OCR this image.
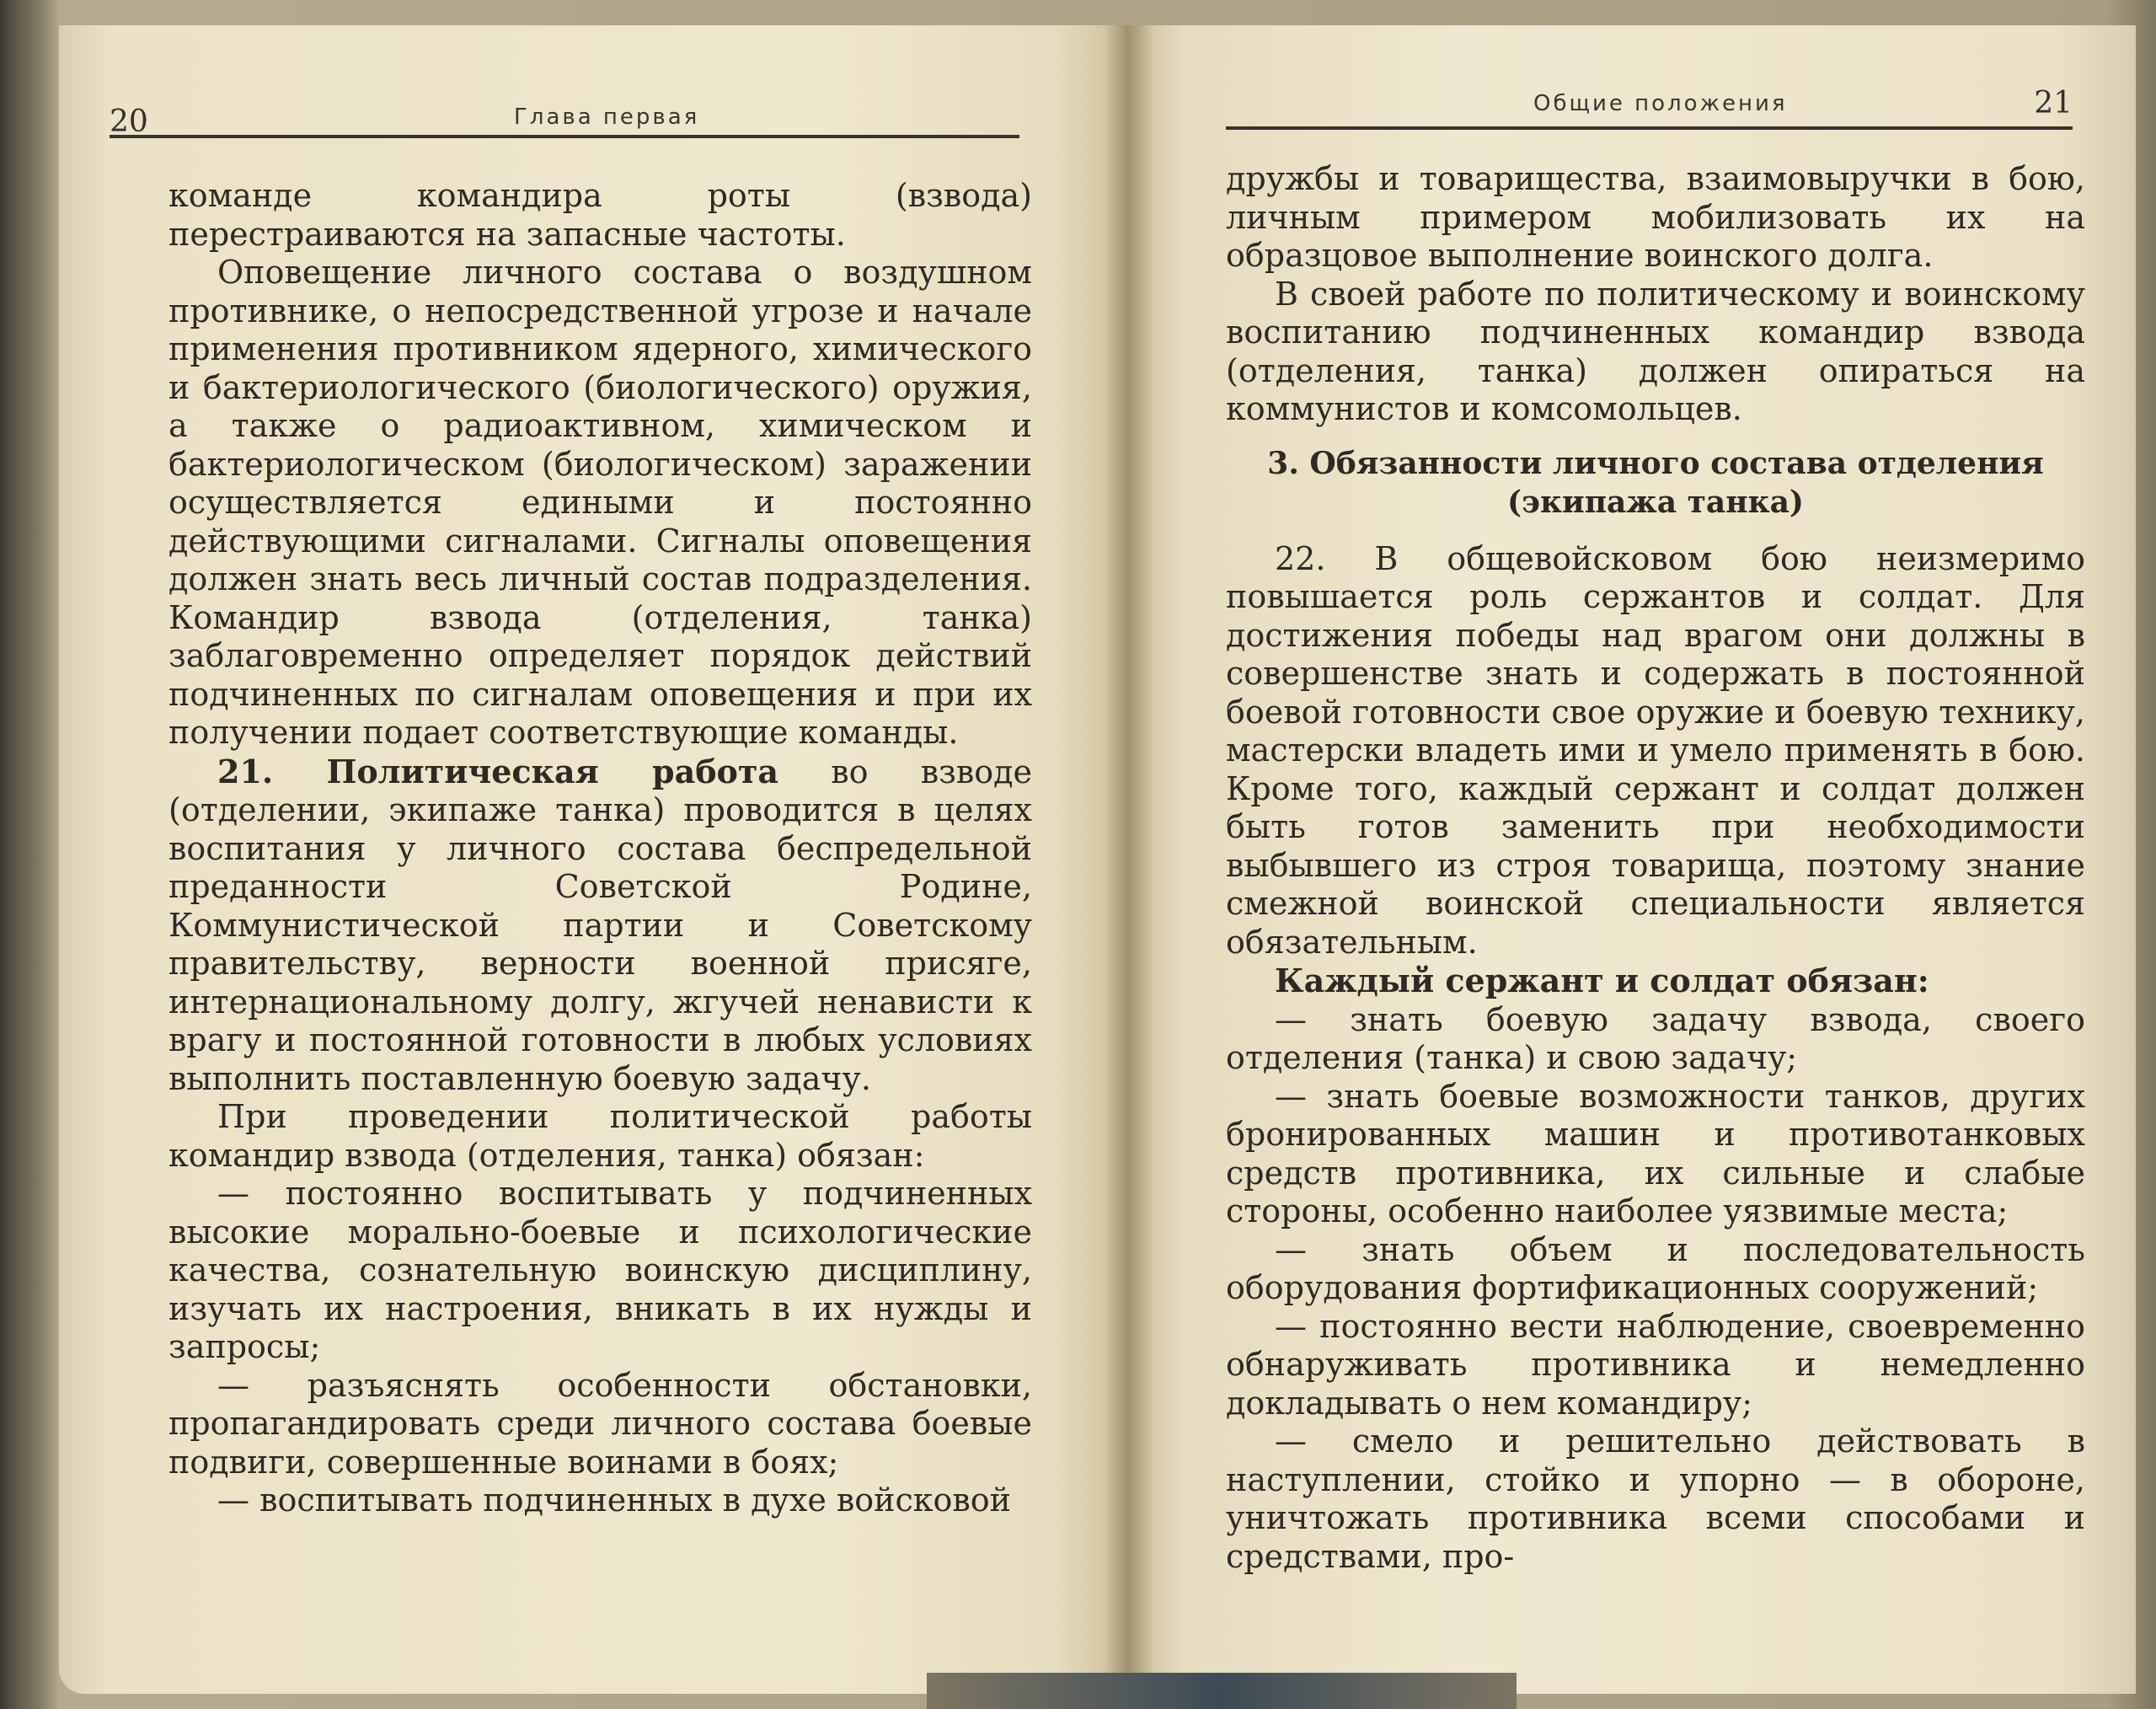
20	Глава первая
Общие положения	21

команде командира роты (взвода) перестраиваются на запасные частоты.

Оповещение личного состава о воздушном противнике, о непосредственной угрозе и начале применения противником ядерного, химического и бактериологического (биологического) оружия, а также о радиоактивном, химическом и бактериологическом (биологическом) заражении осуществляется едиными и постоянно действующими сигналами. Сигналы оповещения должен знать весь личный состав подразделения. Командир взвода (отделения, танка) заблаговременно определяет порядок действий подчиненных по сигналам оповещения и при их получении подает соответствующие команды.

21. Политическая работа во взводе (отделении, экипаже танка) проводится в целях воспитания у личного состава беспредельной преданности Советской Родине, Коммунистической партии и Советскому правительству, верности военной присяге, интернациональному долгу, жгучей ненависти к врагу и постоянной готовности в любых условиях выполнить поставленную боевую задачу.

При проведении политической работы командир взвода (отделения, танка) обязан:

— постоянно воспитывать у подчиненных высокие морально-боевые и психологические качества, сознательную воинскую дисциплину, изучать их настроения, вникать в их нужды и запросы;

— разъяснять особенности обстановки, пропагандировать среди личного состава боевые подвиги, совершенные воинами в боях;

— воспитывать подчиненных в духе войсковой

дружбы и товарищества, взаимовыручки в бою, личным примером мобилизовать их на образцовое выполнение воинского долга.

В своей работе по политическому и воинскому воспитанию подчиненных командир взвода (отделения, танка) должен опираться на коммунистов и комсомольцев.

3. Обязанности личного состава отделения (экипажа танка)

22. В общевойсковом бою неизмеримо повышается роль сержантов и солдат. Для достижения победы над врагом они должны в совершенстве знать и содержать в постоянной боевой готовности свое оружие и боевую технику, мастерски владеть ими и умело применять в бою. Кроме того, каждый сержант и солдат должен быть готов заменить при необходимости выбывшего из строя товарища, поэтому знание смежной воинской специальности является обязательным.

Каждый сержант и солдат обязан:

— знать боевую задачу взвода, своего отделения (танка) и свою задачу;

— знать боевые возможности танков, других бронированных машин и противотанковых средств противника, их сильные и слабые стороны, особенно наиболее уязвимые места;

— знать объем и последовательность оборудования фортификационных сооружений;

— постоянно вести наблюдение, своевременно обнаруживать противника и немедленно докладывать о нем командиру;

— смело и решительно действовать в наступлении, стойко и упорно — в обороне, уничтожать противника всеми способами и средствами, про-
